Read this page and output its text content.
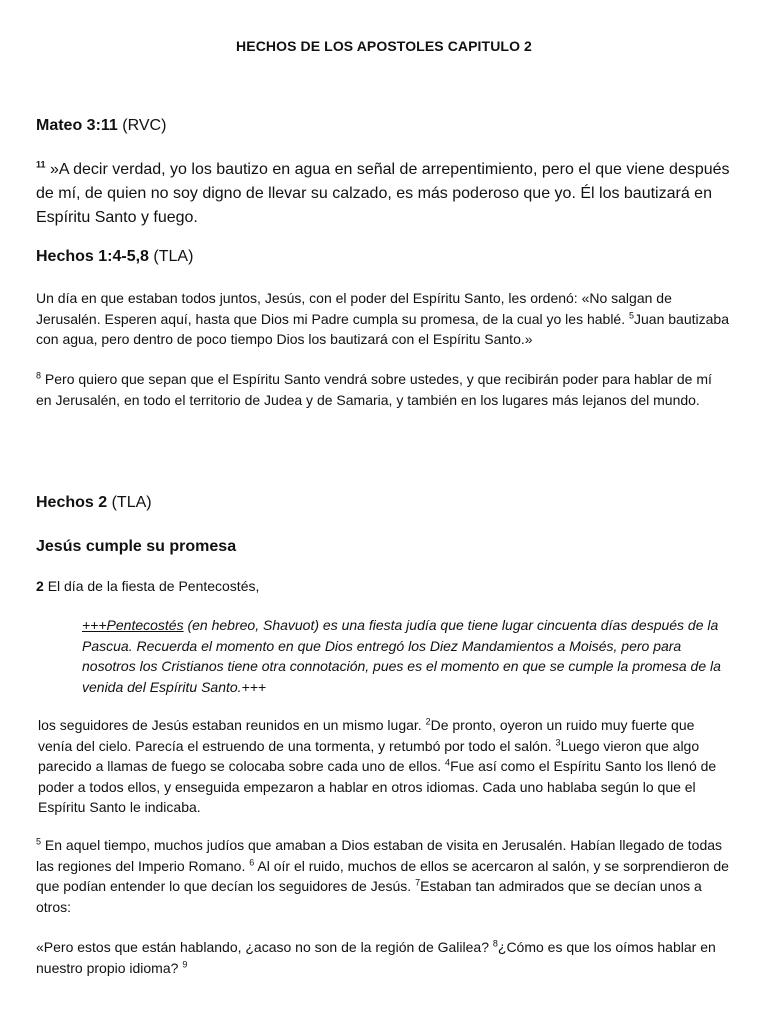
HECHOS DE LOS APOSTOLES CAPITULO 2
Mateo 3:11 (RVC)

$^{11}$ »A decir verdad, yo los bautizo en agua en señal de arrepentimiento, pero el que viene después de mí, de quien no soy digno de llevar su calzado, es más poderoso que yo. Él los bautizará en Espíritu Santo y fuego.

Hechos 1:4-5,8 (TLA)

Un día en que estaban todos juntos, Jesús, con el poder del Espíritu Santo, les ordenó: «No salgan de Jerusalén. Esperen aquí, hasta que Dios mi Padre cumpla su promesa, de la cual yo les hablé. $^5$Juan bautizaba con agua, pero dentro de poco tiempo Dios los bautizará con el Espíritu Santo.»

$^8$ Pero quiero que sepan que el Espíritu Santo vendrá sobre ustedes, y que recibirán poder para hablar de mí en Jerusalén, en todo el territorio de Judea y de Samaria, y también en los lugares más lejanos del mundo.

Hechos 2 (TLA)
Jesús cumple su promesa

2 El día de la fiesta de Pentecostés,

+++Pentecostés (en hebreo, Shavuot) es una fiesta judía que tiene lugar cincuenta días después de la Pascua. Recuerda el momento en que Dios entregó los Diez Mandamientos a Moisés, pero para nosotros los Cristianos tiene otra connotación, pues es el momento en que se cumple la promesa de la venida del Espíritu Santo.+++

los seguidores de Jesús estaban reunidos en un mismo lugar. $^2$De pronto, oyeron un ruido muy fuerte que venía del cielo. Parecía el estruendo de una tormenta, y retumbó por todo el salón. $^3$Luego vieron que algo parecido a llamas de fuego se colocaba sobre cada uno de ellos. $^4$Fue así como el Espíritu Santo los llenó de poder a todos ellos, y enseguida empezaron a hablar en otros idiomas. Cada uno hablaba según lo que el Espíritu Santo le indicaba.

$^5$ En aquel tiempo, muchos judíos que amaban a Dios estaban de visita en Jerusalén. Habían llegado de todas las regiones del Imperio Romano. $^6$ Al oír el ruido, muchos de ellos se acercaron al salón, y se sorprendieron de que podían entender lo que decían los seguidores de Jesús. $^7$Estaban tan admirados que se decían unos a otros:

«Pero estos que están hablando, ¿acaso no son de la región de Galilea? $^8$¿Cómo es que los oímos hablar en nuestro propio idioma? $^9$
